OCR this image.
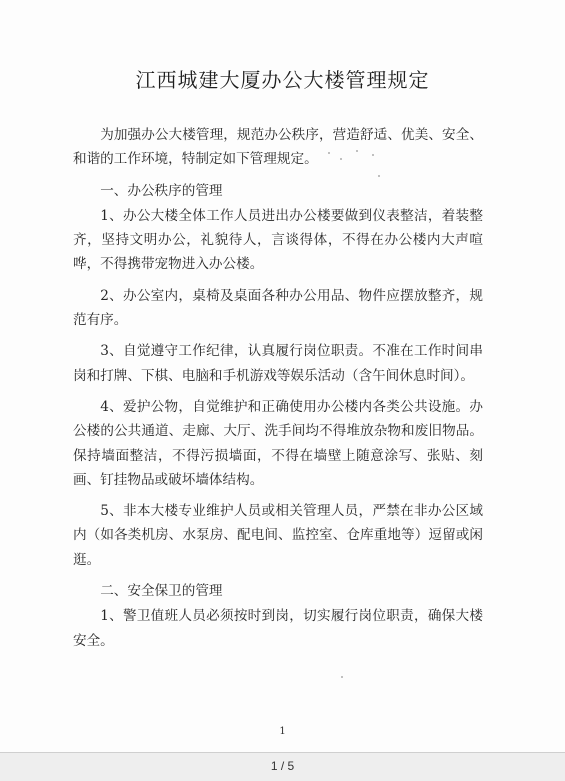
江西城建大厦办公大楼管理规定

为加强办公大楼管理，规范办公秩序，营造舒适、优美、安全、和谐的工作环境，特制定如下管理规定。

一、办公秩序的管理

1、办公大楼全体工作人员进出办公楼要做到仪表整洁，着装整齐，坚持文明办公，礼貌待人，言谈得体，不得在办公楼内大声喧哗，不得携带宠物进入办公楼。

2、办公室内，桌椅及桌面各种办公用品、物件应摆放整齐，规范有序。

3、自觉遵守工作纪律，认真履行岗位职责。不准在工作时间串岗和打牌、下棋、电脑和手机游戏等娱乐活动（含午间休息时间）。

4、爱护公物，自觉维护和正确使用办公楼内各类公共设施。办公楼的公共通道、走廊、大厅、洗手间均不得堆放杂物和废旧物品。保持墙面整洁，不得污损墙面，不得在墙壁上随意涂写、张贴、刻画、钉挂物品或破坏墙体结构。

5、非本大楼专业维护人员或相关管理人员，严禁在非办公区域内（如各类机房、水泵房、配电间、监控室、仓库重地等）逗留或闲逛。

二、安全保卫的管理

1、警卫值班人员必须按时到岗，切实履行岗位职责，确保大楼安全。

1
1 / 5
